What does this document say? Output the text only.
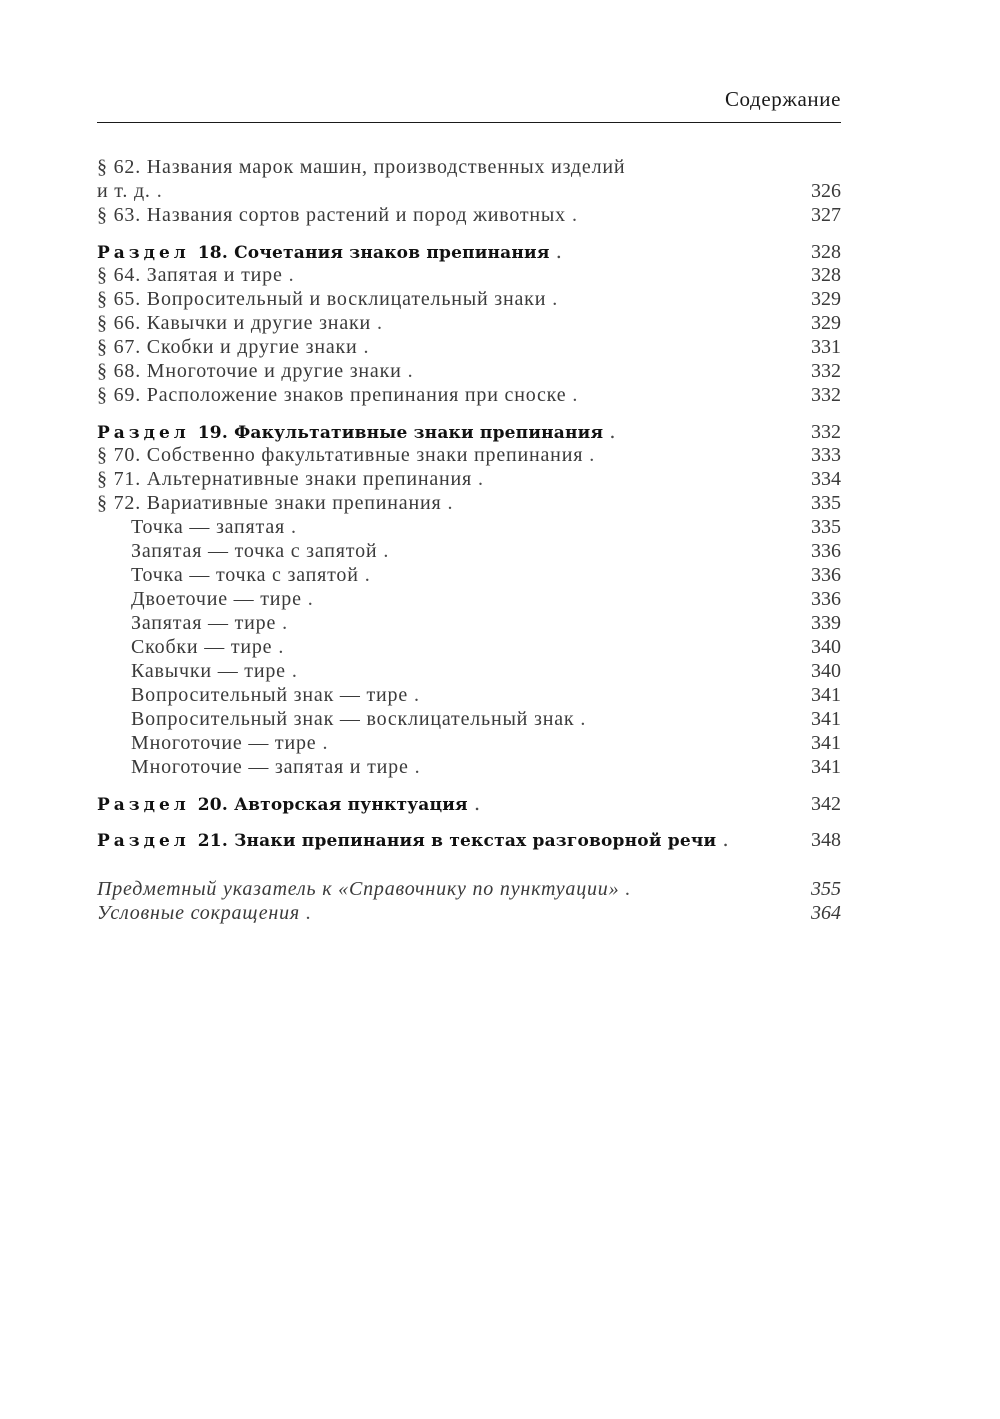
Содержание
§ 62. Названия марок машин, производственных изделий
и т. д. .	326
§ 63. Названия сортов растений и пород животных .	327
Раздел 18. Сочетания знаков препинания .	328
§ 64. Запятая и тире .	328
§ 65. Вопросительный и восклицательный знаки .	329
§ 66. Кавычки и другие знаки .	329
§ 67. Скобки и другие знаки .	331
§ 68. Многоточие и другие знаки .	332
§ 69. Расположение знаков препинания при сноске .	332
Раздел 19. Факультативные знаки препинания .	332
§ 70. Собственно факультативные знаки препинания .	333
§ 71. Альтернативные знаки препинания .	334
§ 72. Вариативные знаки препинания .	335
Точка — запятая .	335
Запятая — точка с запятой .	336
Точка — точка с запятой .	336
Двоеточие — тире .	336
Запятая — тире .	339
Скобки — тире .	340
Кавычки — тире .	340
Вопросительный знак — тире .	341
Вопросительный знак — восклицательный знак .	341
Многоточие — тире .	341
Многоточие — запятая и тире .	341
Раздел 20. Авторская пунктуация .	342
Раздел 21. Знаки препинания в текстах разговорной речи .	348
Предметный указатель к «Справочнику по пунктуации» .	355
Условные сокращения .	364
